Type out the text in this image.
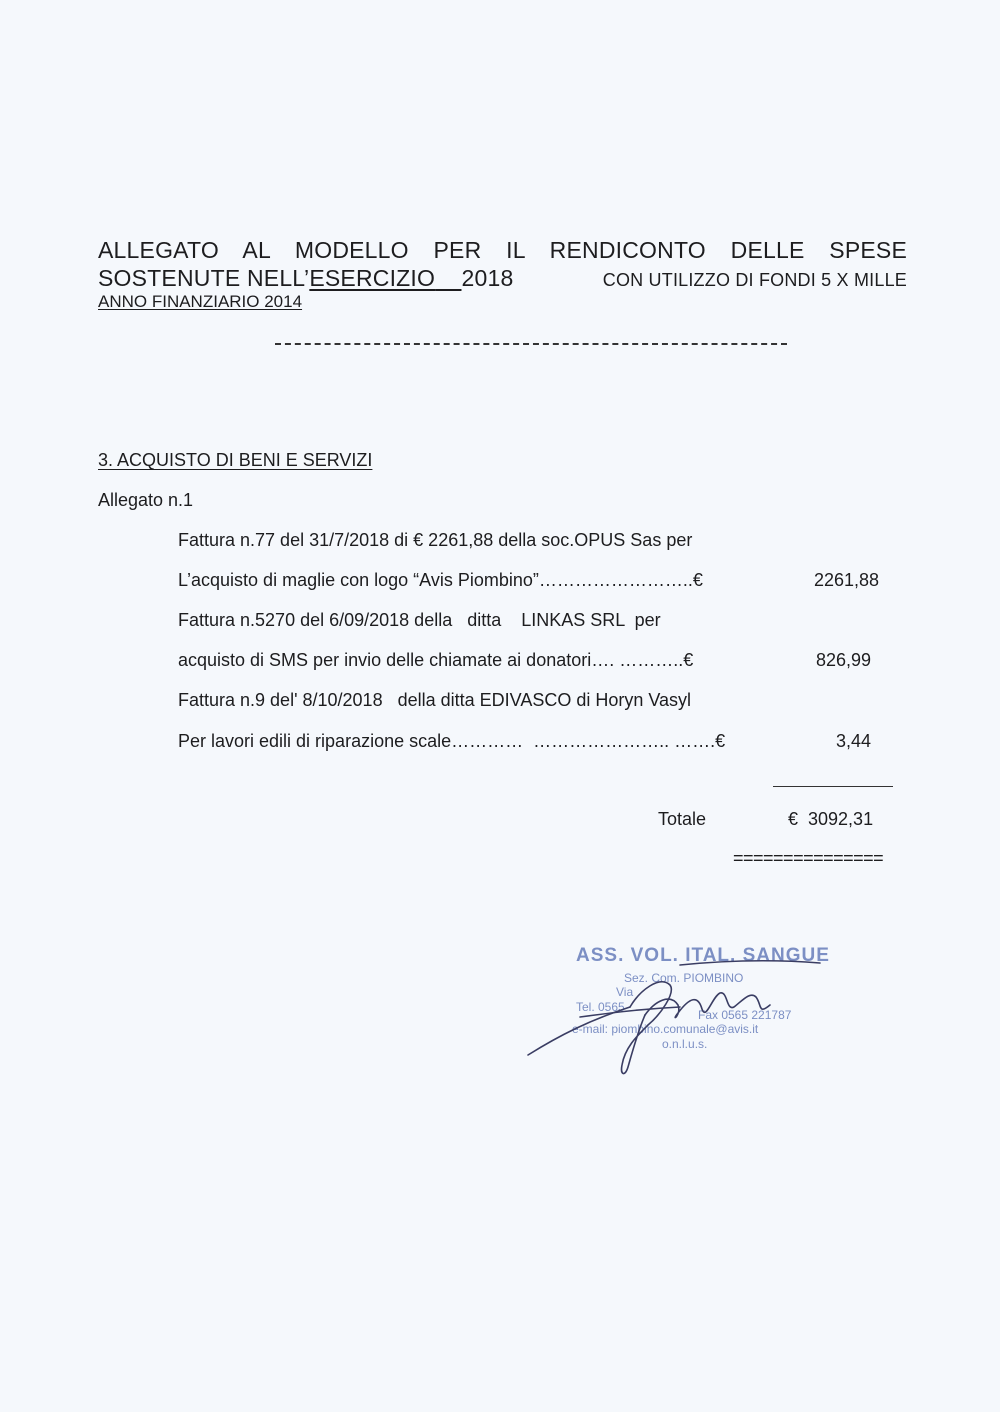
ALLEGATO AL MODELLO PER IL RENDICONTO DELLE SPESE
SOSTENUTE NELL’ESERCIZIO 2018	CON UTILIZZO DI FONDI 5 X MILLE
ANNO FINANZIARIO 2014
3. ACQUISTO DI BENI E SERVIZI
Allegato n.1
Fattura n.77 del 31/7/2018 di € 2261,88 della soc.OPUS Sas per
L’acquisto di maglie con logo “Avis Piombino”……………………..€	2261,88
Fattura n.5270 del 6/09/2018 della   ditta    LINKAS SRL  per
acquisto di SMS per invio delle chiamate ai donatori…. ………..€	826,99
Fattura n.9 del' 8/10/2018   della ditta EDIVASCO di Horyn Vasyl
Per lavori edili di riparazione scale…………  ………………….. …….€	3,44
Totale	€  3092,31
===============
ASS. VOL. ITAL. SANGUE
Sez. Com. PIOMBINO
Via
Tel. 0565
Fax 0565 221787
e-mail: piombino.comunale@avis.it
o.n.l.u.s.
